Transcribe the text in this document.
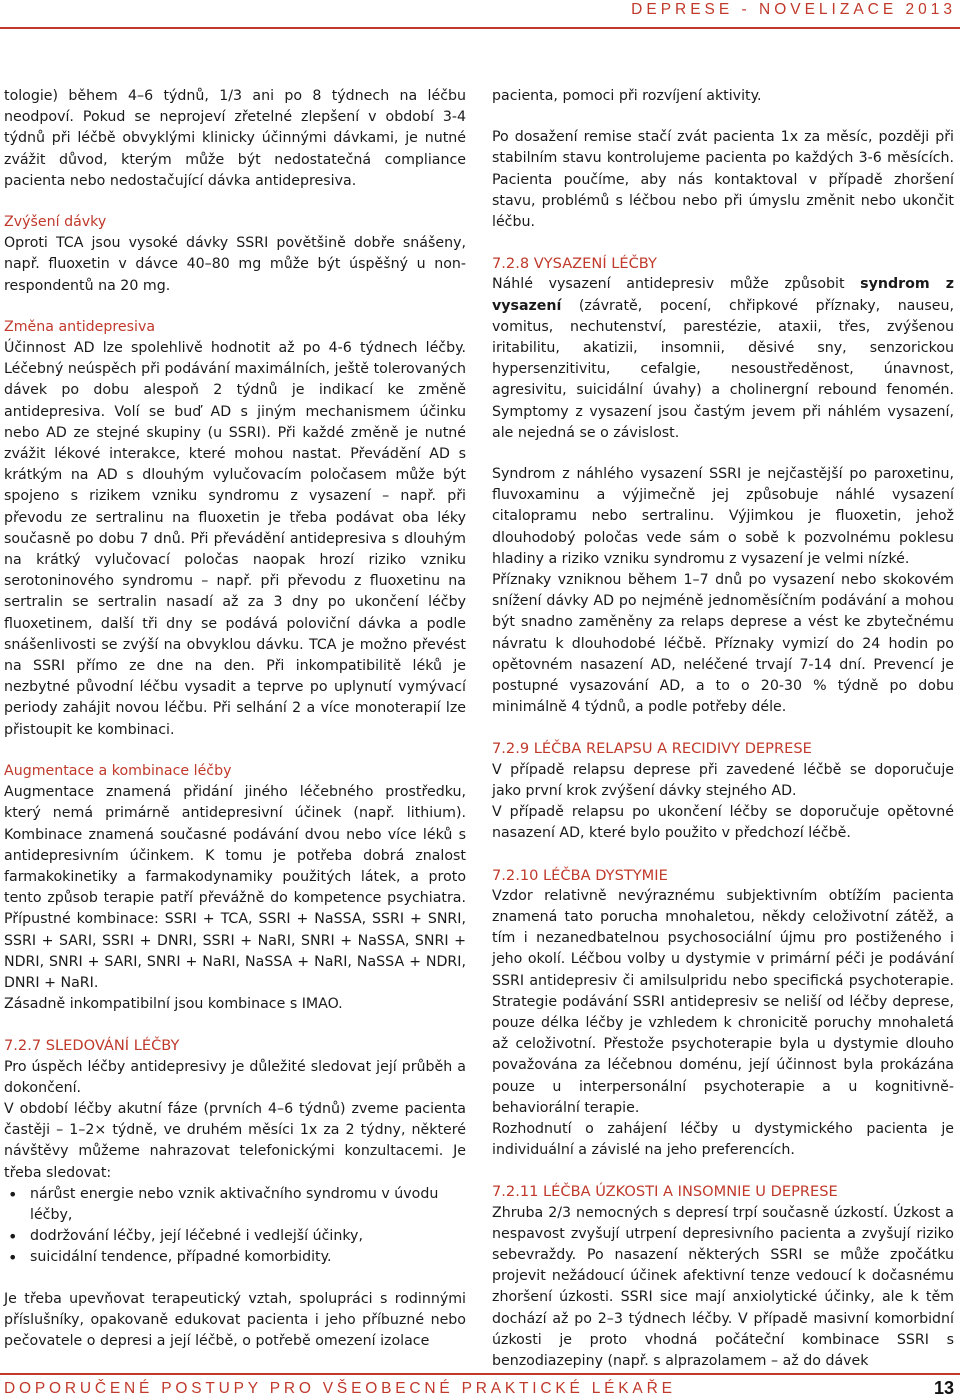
DEPRESE - NOVELIZACE 2013

tologie) během 4–6 týdnů, 1/3 ani po 8 týdnech na léčbu neodpoví. Pokud se neprojeví zřetelné zlepšení v období 3-4 týdnů při léčbě obvyklými klinicky účinnými dávkami, je nutné zvážit důvod, kterým může být nedostatečná compliance pacienta nebo nedostačující dávka antidepresiva.

Zvýšení dávky

Oproti TCA jsou vysoké dávky SSRI povětšině dobře snášeny, např. fluoxetin v dávce 40–80 mg může být úspěšný u non-respondentů na 20 mg.

Změna antidepresiva

Účinnost AD lze spolehlivě hodnotit až po 4-6 týdnech léčby. Léčebný neúspěch při podávání maximálních, ještě tolerovaných dávek po dobu alespoň 2 týdnů je indikací ke změně antidepresiva. Volí se buď AD s jiným mechanismem účinku nebo AD ze stejné skupiny (u SSRI). Při každé změně je nutné zvážit lékové interakce, které mohou nastat. Převádění AD s krátkým na AD s dlouhým vylučovacím poločasem může být spojeno s rizikem vzniku syndromu z vysazení – např. při převodu ze sertralinu na fluoxetin je třeba podávat oba léky současně po dobu 7 dnů. Při převádění antidepresiva s dlouhým na krátký vylučovací poločas naopak hrozí riziko vzniku serotoninového syndromu – např. při převodu z fluoxetinu na sertralin se sertralin nasadí až za 3 dny po ukončení léčby fluoxetinem, další tři dny se podává poloviční dávka a podle snášenlivosti se zvýší na obvyklou dávku. TCA je možno převést na SSRI přímo ze dne na den. Při inkompatibilitě léků je nezbytné původní léčbu vysadit a teprve po uplynutí vymývací periody zahájit novou léčbu. Při selhání 2 a více monoterapií lze přistoupit ke kombinaci.

Augmentace a kombinace léčby

Augmentace znamená přidání jiného léčebného prostředku, který nemá primárně antidepresivní účinek (např. lithium). Kombinace znamená současné podávání dvou nebo více léků s antidepresivním účinkem. K tomu je potřeba dobrá znalost farmakokinetiky a farmakodynamiky použitých látek, a proto tento způsob terapie patří převážně do kompetence psychiatra. Přípustné kombinace: SSRI + TCA, SSRI + NaSSA, SSRI + SNRI, SSRI + SARI, SSRI + DNRI, SSRI + NaRI, SNRI + NaSSA, SNRI + NDRI, SNRI + SARI, SNRI + NaRI, NaSSA + NaRI, NaSSA + NDRI, DNRI + NaRI.

Zásadně inkompatibilní jsou kombinace s IMAO.

7.2.7 SLEDOVÁNÍ LÉČBY

Pro úspěch léčby antidepresivy je důležité sledovat její průběh a dokončení.

V období léčby akutní fáze (prvních 4–6 týdnů) zveme pacienta častěji – 1–2× týdně, ve druhém měsíci 1x za 2 týdny, některé návštěvy můžeme nahrazovat telefonickými konzultacemi. Je třeba sledovat:

• nárůst energie nebo vznik aktivačního syndromu v úvodu léčby,
• dodržování léčby, její léčebné i vedlejší účinky,
• suicidální tendence, případné komorbidity.

Je třeba upevňovat terapeutický vztah, spolupráci s rodinnými příslušníky, opakovaně edukovat pacienta i jeho příbuzné nebo pečovatele o depresi a její léčbě, o potřebě omezení izolace

pacienta, pomoci při rozvíjení aktivity.

Po dosažení remise stačí zvát pacienta 1x za měsíc, později při stabilním stavu kontrolujeme pacienta po každých 3-6 měsících. Pacienta poučíme, aby nás kontaktoval v případě zhoršení stavu, problémů s léčbou nebo při úmyslu změnit nebo ukončit léčbu.

7.2.8 VYSAZENÍ LÉČBY

Náhlé vysazení antidepresiv může způsobit syndrom z vysazení (závratě, pocení, chřipkové příznaky, nauseu, vomitus, nechutenství, parestézie, ataxii, třes, zvýšenou iritabilitu, akatizii, insomnii, děsivé sny, senzorickou hypersenzitivitu, cefalgie, nesoustředěnost, únavnost, agresivitu, suicidální úvahy) a cholinergní rebound fenomén. Symptomy z vysazení jsou častým jevem při náhlém vysazení, ale nejedná se o závislost.

Syndrom z náhlého vysazení SSRI je nejčastější po paroxetinu, fluvoxaminu a výjimečně jej způsobuje náhlé vysazení citalopramu nebo sertralinu. Výjimkou je fluoxetin, jehož dlouhodobý poločas vede sám o sobě k pozvolnému poklesu hladiny a riziko vzniku syndromu z vysazení je velmi nízké.

Příznaky vzniknou během 1–7 dnů po vysazení nebo skokovém snížení dávky AD po nejméně jednoměsíčním podávání a mohou být snadno zaměněny za relaps deprese a vést ke zbytečnému návratu k dlouhodobé léčbě. Příznaky vymizí do 24 hodin po opětovném nasazení AD, neléčené trvají 7-14 dní. Prevencí je postupné vysazování AD, a to o 20-30 % týdně po dobu minimálně 4 týdnů, a podle potřeby déle.

7.2.9 LÉČBA RELAPSU A RECIDIVY DEPRESE

V případě relapsu deprese při zavedené léčbě se doporučuje jako první krok zvýšení dávky stejného AD.

V případě relapsu po ukončení léčby se doporučuje opětovné nasazení AD, které bylo použito v předchozí léčbě.

7.2.10 LÉČBA DYSTYMIE

Vzdor relativně nevýraznému subjektivním obtížím pacienta znamená tato porucha mnohaletou, někdy celoživotní zátěž, a tím i nezanedbatelnou psychosociální újmu pro postiženého i jeho okolí. Léčbou volby u dystymie v primární péči je podávání SSRI antidepresiv či amilsulpridu nebo specifická psychoterapie. Strategie podávání SSRI antidepresiv se neliší od léčby deprese, pouze délka léčby je vzhledem k chronicitě poruchy mnohaletá až celoživotní. Přestože psychoterapie byla u dystymie dlouho považována za léčebnou doménu, její účinnost byla prokázána pouze u interpersonální psychoterapie a u kognitivně-behaviorální terapie.

Rozhodnutí o zahájení léčby u dystymického pacienta je individuální a závislé na jeho preferencích.

7.2.11 LÉČBA ÚZKOSTI A INSOMNIE U DEPRESE

Zhruba 2/3 nemocných s depresí trpí současně úzkostí. Úzkost a nespavost zvyšují utrpení depresivního pacienta a zvyšují riziko sebevraždy. Po nasazení některých SSRI se může zpočátku projevit nežádoucí účinek afektivní tenze vedoucí k dočasnému zhoršení úzkosti. SSRI sice mají anxiolytické účinky, ale k těm dochází až po 2–3 týdnech léčby. V případě masivní komorbidní úzkosti je proto vhodná počáteční kombinace SSRI s benzodiazepiny (např. s alprazolamem – až do dávek

DOPORUČENÉ POSTUPY PRO VŠEOBECNÉ PRAKTICKÉ LÉKAŘE	13
